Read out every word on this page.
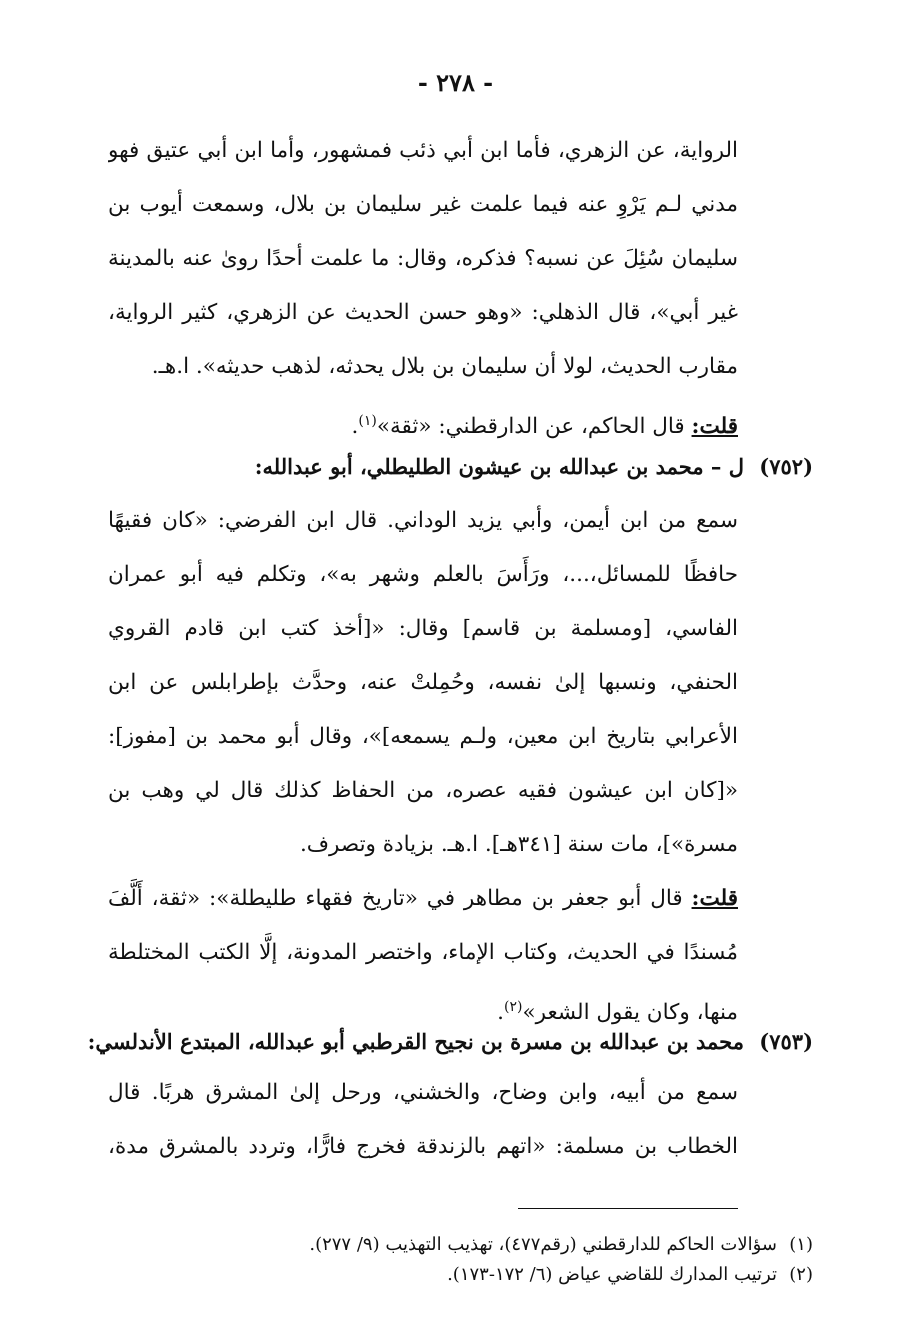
- ٢٧٨ -
الرواية، عن الزهري، فأما ابن أبي ذئب فمشهور، وأما ابن أبي عتيق فهو
مدني لـم يَرْوِ عنه فيما علمت غير سليمان بن بلال، وسمعت أيوب بن
سليمان سُئِلَ عن نسبه؟ فذكره، وقال: ما علمت أحدًا روىٰ عنه بالمدينة
غير أبي»، قال الذهلي: «وهو حسن الحديث عن الزهري، كثير الرواية،
مقارب الحديث، لولا أن سليمان بن بلال يحدثه، لذهب حديثه». ا.هـ.
قلت: قال الحاكم، عن الدارقطني: «ثقة»$^{(١)}$.
(٧٥٢) ل – محمد بن عبدالله بن عيشون الطليطلي، أبو عبدالله:
سمع من ابن أيمن، وأبي يزيد الوداني. قال ابن الفرضي: «كان فقيهًا
حافظًا للمسائل،...، ورَأَسَ بالعلم وشهر به»، وتكلم فيه أبو عمران
الفاسي، [ومسلمة بن قاسم] وقال: «[أخذ كتب ابن قادم القروي
الحنفي، ونسبها إلىٰ نفسه، وحُمِلتْ عنه، وحدَّث بإطرابلس عن ابن
الأعرابي بتاريخ ابن معين، ولـم يسمعه]»، وقال أبو محمد بن [مفوز]:
«[كان ابن عيشون فقيه عصره، من الحفاظ كذلك قال لي وهب بن
مسرة»]، مات سنة [٣٤١هـ]. ا.هـ. بزيادة وتصرف.
قلت: قال أبو جعفر بن مطاهر في «تاريخ فقهاء طليطلة»: «ثقة، أَلَّفَ
مُسندًا في الحديث، وكتاب الإماء، واختصر المدونة، إلَّا الكتب المختلطة
منها، وكان يقول الشعر»$^{(٢)}$.
(٧٥٣) محمد بن عبدالله بن مسرة بن نجيح القرطبي أبو عبدالله، المبتدع الأندلسي:
سمع من أبيه، وابن وضاح، والخشني، ورحل إلىٰ المشرق هربًا. قال
الخطاب بن مسلمة: «اتهم بالزندقة فخرج فارًّا، وتردد بالمشرق مدة،
(١)سؤالات الحاكم للدارقطني (رقم٤٧٧)، تهذيب التهذيب (٩/ ٢٧٧).
(٢)ترتيب المدارك للقاضي عياض (٦/ ١٧٢-١٧٣).
